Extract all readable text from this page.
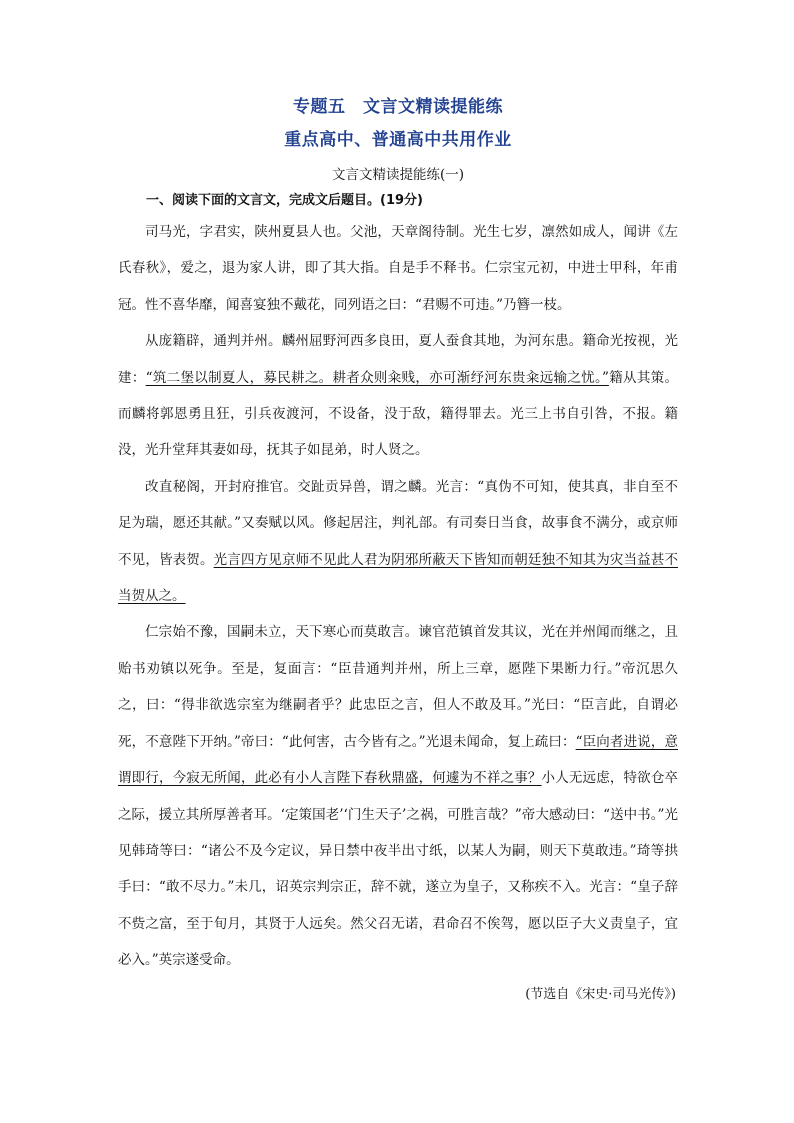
专题五　文言文精读提能练
重点高中、普通高中共用作业
文言文精读提能练(一)
一、阅读下面的文言文，完成文后题目。(19分)

司马光，字君实，陕州夏县人也。父池，天章阁待制。光生七岁，凛然如成人，闻讲《左氏春秋》，爱之，退为家人讲，即了其大指。自是手不释书。仁宗宝元初，中进士甲科，年甫冠。性不喜华靡，闻喜宴独不戴花，同列语之曰：“君赐不可违。”乃簪一枝。

从庞籍辟，通判并州。麟州屈野河西多良田，夏人蚕食其地，为河东患。籍命光按视，光建：“筑二堡以制夏人，募民耕之。耕者众则籴贱，亦可渐纾河东贵籴远输之忧。”籍从其策。而麟将郭恩勇且狂，引兵夜渡河，不设备，没于敌，籍得罪去。光三上书自引咎，不报。籍没，光升堂拜其妻如母，抚其子如昆弟，时人贤之。

改直秘阁，开封府推官。交趾贡异兽，谓之麟。光言：“真伪不可知，使其真，非自至不足为瑞，愿还其献。”又奏赋以风。修起居注，判礼部。有司奏日当食，故事食不满分，或京师不见，皆表贺。光言四方见京师不见此人君为阴邪所蔽天下皆知而朝廷独不知其为灾当益甚不当贺从之。

仁宗始不豫，国嗣未立，天下寒心而莫敢言。谏官范镇首发其议，光在并州闻而继之，且贻书劝镇以死争。至是，复面言：“臣昔通判并州，所上三章，愿陛下果断力行。”帝沉思久之，曰：“得非欲选宗室为继嗣者乎？此忠臣之言，但人不敢及耳。”光曰：“臣言此，自谓必死，不意陛下开纳。”帝曰：“此何害，古今皆有之。”光退未闻命，复上疏曰：“臣向者进说，意谓即行，今寂无所闻，此必有小人言陛下春秋鼎盛，何遽为不祥之事？小人无远虑，特欲仓卒之际，援立其所厚善者耳。‘定策国老’‘门生天子’之祸，可胜言哉？”帝大感动曰：“送中书。”光见韩琦等曰：“诸公不及今定议，异日禁中夜半出寸纸，以某人为嗣，则天下莫敢违。”琦等拱手曰：“敢不尽力。”未几，诏英宗判宗正，辞不就，遂立为皇子，又称疾不入。光言：“皇子辞不赀之富，至于旬月，其贤于人远矣。然父召无诺，君命召不俟驾，愿以臣子大义责皇子，宜必入。”英宗遂受命。

(节选自《宋史·司马光传》)
